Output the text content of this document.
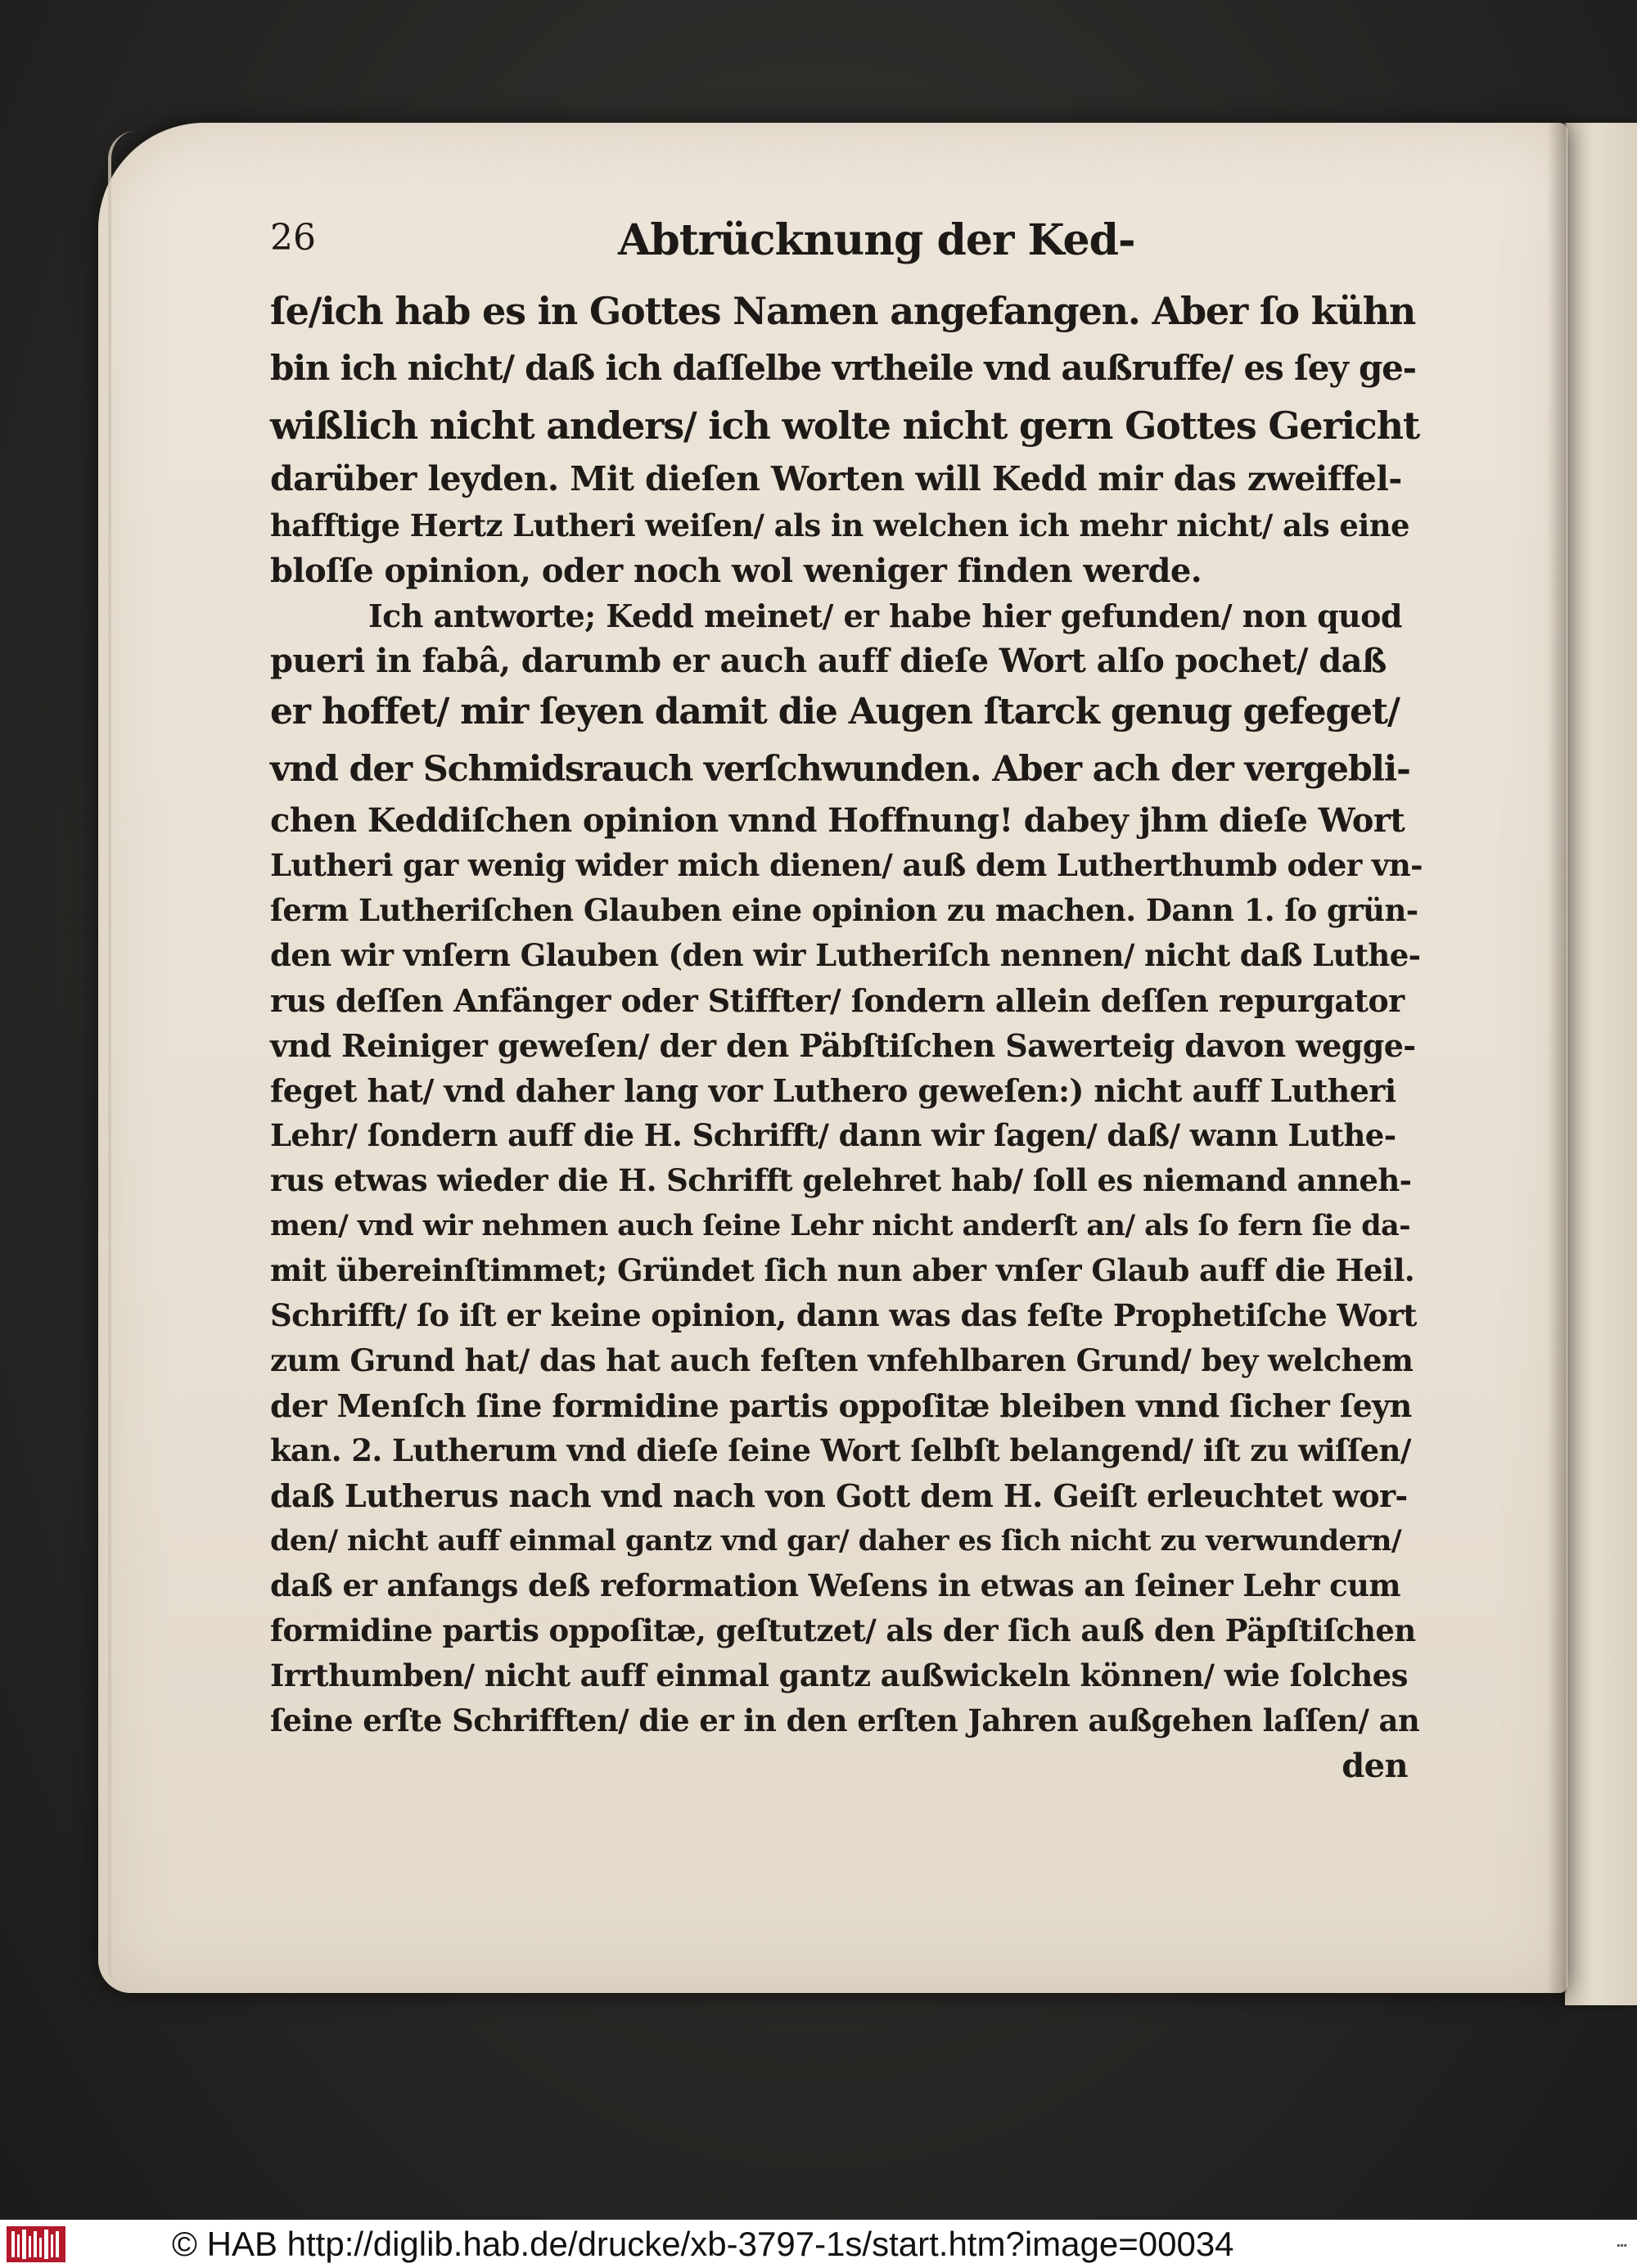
26	Abtrücknung der Ked-
ſe/ich hab es in Gottes Namen angefangen. Aber ſo kühn
bin ich nicht/ daß ich daſſelbe vrtheile vnd außruffe/ es ſey ge-
wißlich nicht anders/ ich wolte nicht gern Gottes Gericht
darüber leyden. Mit dieſen Worten will Kedd mir das zweiffel-
hafftige Hertz Lutheri weiſen/ als in welchen ich mehr nicht/ als eine
bloſſe opinion, oder noch wol weniger finden werde.
Ich antworte; Kedd meinet/ er habe hier gefunden/ non quod
pueri in fabâ, darumb er auch auff dieſe Wort alſo pochet/ daß
er hoffet/ mir ſeyen damit die Augen ſtarck genug gefeget/
vnd der Schmidsrauch verſchwunden. Aber ach der vergebli-
chen Keddiſchen opinion vnnd Hoffnung! dabey jhm dieſe Wort
Lutheri gar wenig wider mich dienen/ auß dem Lutherthumb oder vn-
ſerm Lutheriſchen Glauben eine opinion zu machen. Dann 1. ſo grün-
den wir vnſern Glauben (den wir Lutheriſch nennen/ nicht daß Luthe-
rus deſſen Anfänger oder Stiffter/ ſondern allein deſſen repurgator
vnd Reiniger geweſen/ der den Päbſtiſchen Sawerteig davon wegge-
feget hat/ vnd daher lang vor Luthero geweſen:) nicht auff Lutheri
Lehr/ ſondern auff die H. Schrifft/ dann wir ſagen/ daß/ wann Luthe-
rus etwas wieder die H. Schrifft gelehret hab/ ſoll es niemand anneh-
men/ vnd wir nehmen auch ſeine Lehr nicht anderſt an/ als ſo fern ſie da-
mit übereinſtimmet; Gründet ſich nun aber vnſer Glaub auff die Heil.
Schrifft/ ſo iſt er keine opinion, dann was das feſte Prophetiſche Wort
zum Grund hat/ das hat auch feſten vnfehlbaren Grund/ bey welchem
der Menſch ſine formidine partis oppoſitæ bleiben vnnd ſicher ſeyn
kan. 2. Lutherum vnd dieſe ſeine Wort ſelbſt belangend/ iſt zu wiſſen/
daß Lutherus nach vnd nach von Gott dem H. Geiſt erleuchtet wor-
den/ nicht auff einmal gantz vnd gar/ daher es ſich nicht zu verwundern/
daß er anfangs deß reformation Weſens in etwas an ſeiner Lehr cum
formidine partis oppoſitæ, geſtutzet/ als der ſich auß den Päpſtiſchen
Irrthumben/ nicht auff einmal gantz außwickeln können/ wie ſolches
ſeine erſte Schrifften/ die er in den erſten Jahren außgehen laſſen/ an
den
© HAB http://diglib.hab.de/drucke/xb-3797-1s/start.htm?image=00034	▪▪▪
